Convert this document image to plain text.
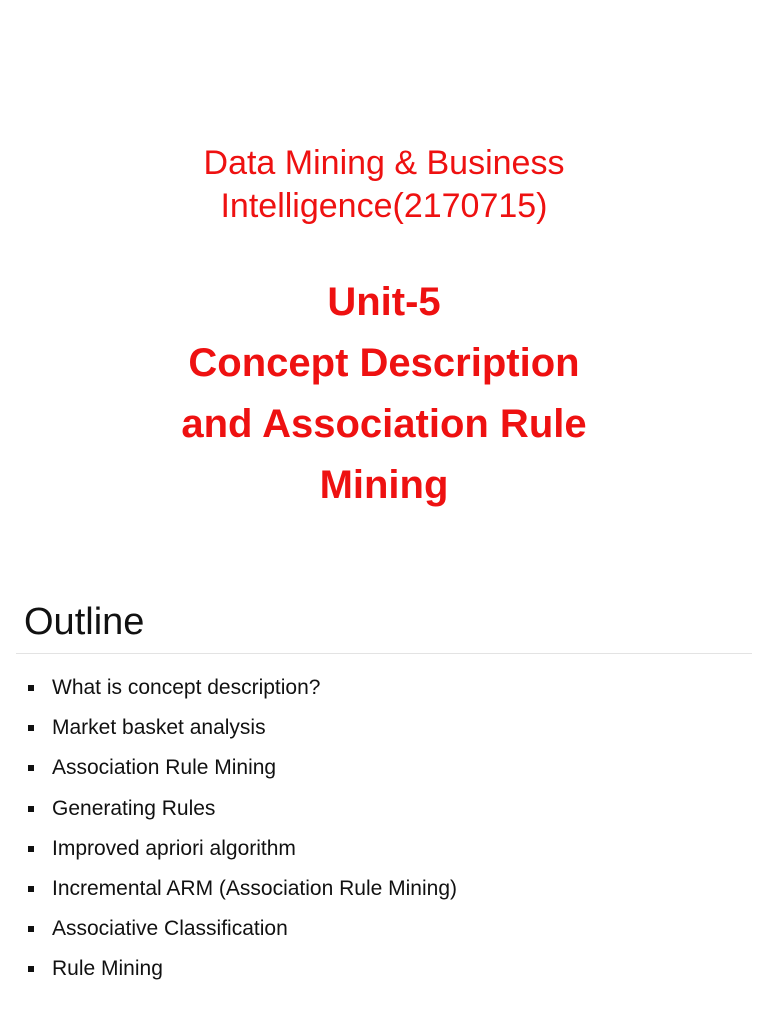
Data Mining & Business
Intelligence(2170715)
Unit-5
Concept Description
and Association Rule
Mining
Outline
What is concept description?
Market basket analysis
Association Rule Mining
Generating Rules
Improved apriori algorithm
Incremental ARM (Association Rule Mining)
Associative Classification
Rule Mining
